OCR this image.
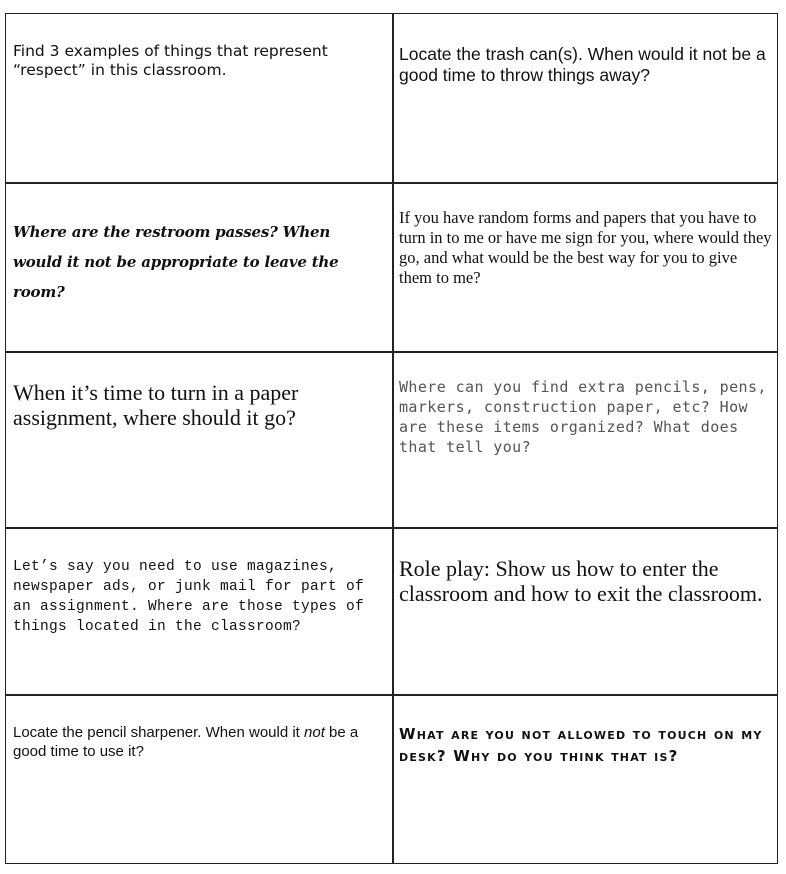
Find 3 examples of things that represent “respect” in this classroom.
Locate the trash can(s). When would it not be a good time to throw things away?
Where are the restroom passes? When would it not be appropriate to leave the room?
If you have random forms and papers that you have to turn in to me or have me sign for you, where would they go, and what would be the best way for you to give them to me?
When it’s time to turn in a paper assignment, where should it go?
Where can you find extra pencils, pens, markers, construction paper, etc? How are these items organized? What does that tell you?
Let’s say you need to use magazines, newspaper ads, or junk mail for part of an assignment. Where are those types of things located in the classroom?
Role play: Show us how to enter the classroom and how to exit the classroom.
Locate the pencil sharpener. When would it not be a good time to use it?
What are you not allowed to touch on my desk? Why do you think that is?
